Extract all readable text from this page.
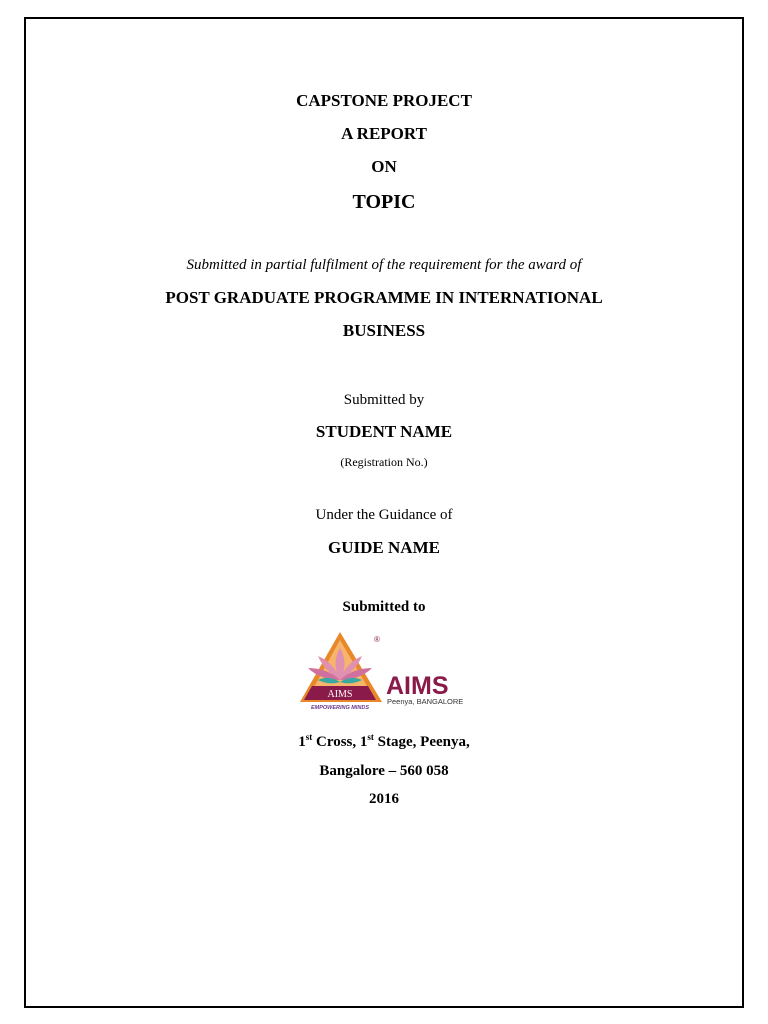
CAPSTONE PROJECT
A REPORT
ON
TOPIC
Submitted in partial fulfilment of the requirement for the award of
POST GRADUATE PROGRAMME IN INTERNATIONAL
BUSINESS
Submitted by
STUDENT NAME
(Registration No.)
Under the Guidance of
GUIDE NAME
Submitted to
AIMS
EMPOWERING MINDS
®
AIMS
Peenya, BANGALORE
1st Cross, 1st Stage, Peenya,
Bangalore – 560 058
2016
